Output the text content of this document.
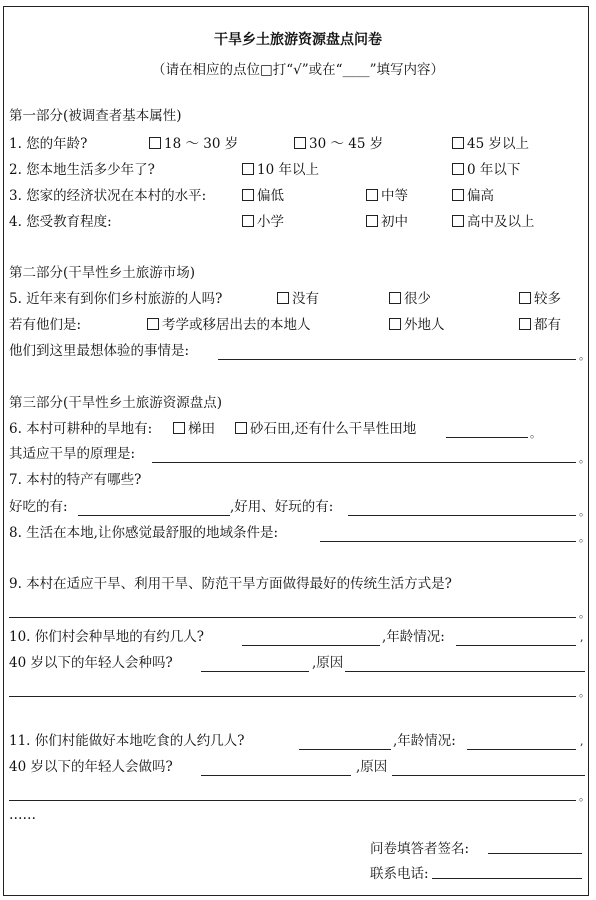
干旱乡土旅游资源盘点问卷
（请在相应的点位□打“√”或在“____”填写内容）
第一部分(被调查者基本属性)
1. 您的年龄?	18 ～ 30 岁	30 ～ 45 岁	45 岁以上
2. 您本地生活多少年了?	10 年以上	0 年以下
3. 您家的经济状况在本村的水平:	偏低	中等	偏高
4. 您受教育程度:	小学	初中	高中及以上
第二部分(干旱性乡土旅游市场)
5. 近年来有到你们乡村旅游的人吗?	没有	很少	较多
若有他们是:	考学或移居出去的本地人	外地人	都有
他们到这里最想体验的事情是:	。
第三部分(干旱性乡土旅游资源盘点)
6. 本村可耕种的旱地有:	梯田	砂石田,还有什么干旱性田地	。
其适应干旱的原理是:	。
7. 本村的特产有哪些?
好吃的有:	,好用、好玩的有:	。
8. 生活在本地,让你感觉最舒服的地域条件是:	。
9. 本村在适应干旱、利用干旱、防范干旱方面做得最好的传统生活方式是?
。
10. 你们村会种旱地的有约几人?	,年龄情况:	,
40 岁以下的年轻人会种吗?	,原因
。
11. 你们村能做好本地吃食的人约几人?	,年龄情况:	,
40 岁以下的年轻人会做吗?	,原因
。
……
问卷填答者签名:
联系电话:
